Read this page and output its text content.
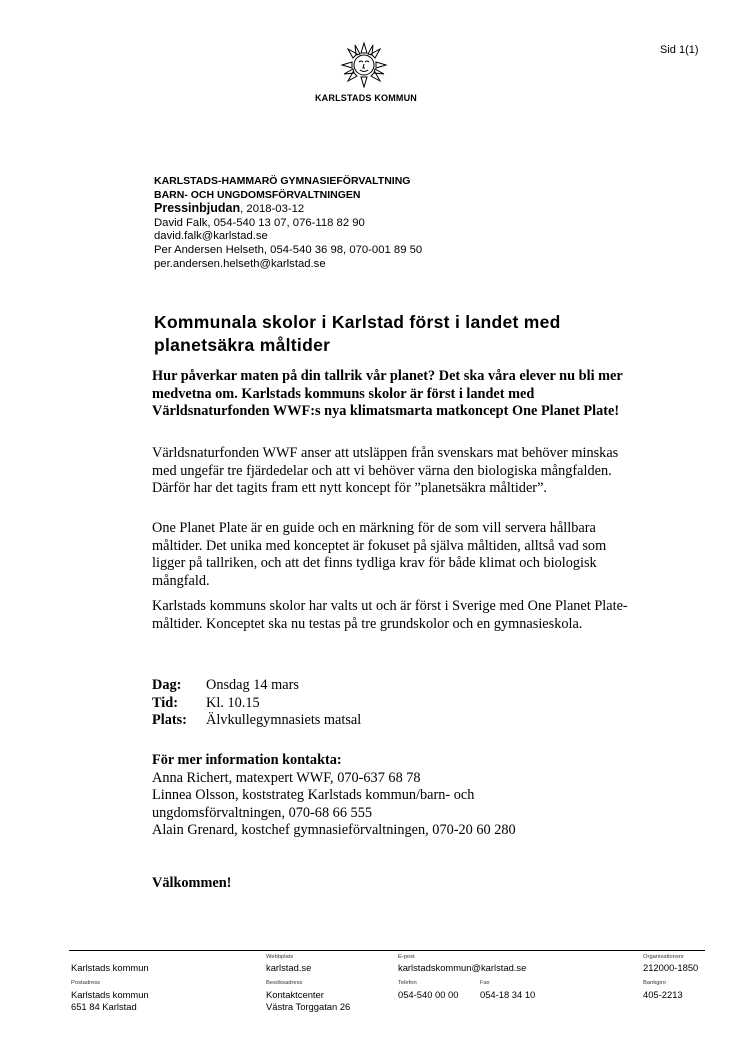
Sid 1(1)
KARLSTADS KOMMUN
KARLSTADS-HAMMARÖ GYMNASIEFÖRVALTNING
BARN- OCH UNGDOMSFÖRVALTNINGEN
Pressinbjudan, 2018-03-12
David Falk, 054-540 13 07, 076-118 82 90
david.falk@karlstad.se
Per Andersen Helseth, 054-540 36 98, 070-001 89 50
per.andersen.helseth@karlstad.se
Kommunala skolor i Karlstad först i landet med planetsäkra måltider
Hur påverkar maten på din tallrik vår planet? Det ska våra elever nu bli mer medvetna om. Karlstads kommuns skolor är först i landet med Världsnaturfonden WWF:s nya klimatsmarta matkoncept One Planet Plate!
Världsnaturfonden WWF anser att utsläppen från svenskars mat behöver minskas med ungefär tre fjärdedelar och att vi behöver värna den biologiska mångfalden. Därför har det tagits fram ett nytt koncept för ”planetsäkra måltider”.
One Planet Plate är en guide och en märkning för de som vill servera hållbara måltider. Det unika med konceptet är fokuset på själva måltiden, alltså vad som ligger på tallriken, och att det finns tydliga krav för både klimat och biologisk mångfald.
Karlstads kommuns skolor har valts ut och är först i Sverige med One Planet Plate-måltider. Konceptet ska nu testas på tre grundskolor och en gymnasieskola.
Dag:	Onsdag 14 mars
Tid:	Kl. 10.15
Plats:	Älvkullegymnasiets matsal
För mer information kontakta:
Anna Richert, matexpert WWF, 070-637 68 78
Linnea Olsson, koststrateg Karlstads kommun/barn- och
ungdomsförvaltningen, 070-68 66 555
Alain Grenard, kostchef gymnasieförvaltningen, 070-20 60 280
Välkommen!
Karlstads kommun
Webbplats
karlstad.se
E-post
karlstadskommun@karlstad.se
Organisationsnr
212000-1850
Postadress
Karlstads kommun
651 84 Karlstad
Besöksadress
Kontaktcenter
Västra Torggatan 26
Telefon
054-540 00 00
Fax
054-18 34 10
Bankgiro
405-2213
